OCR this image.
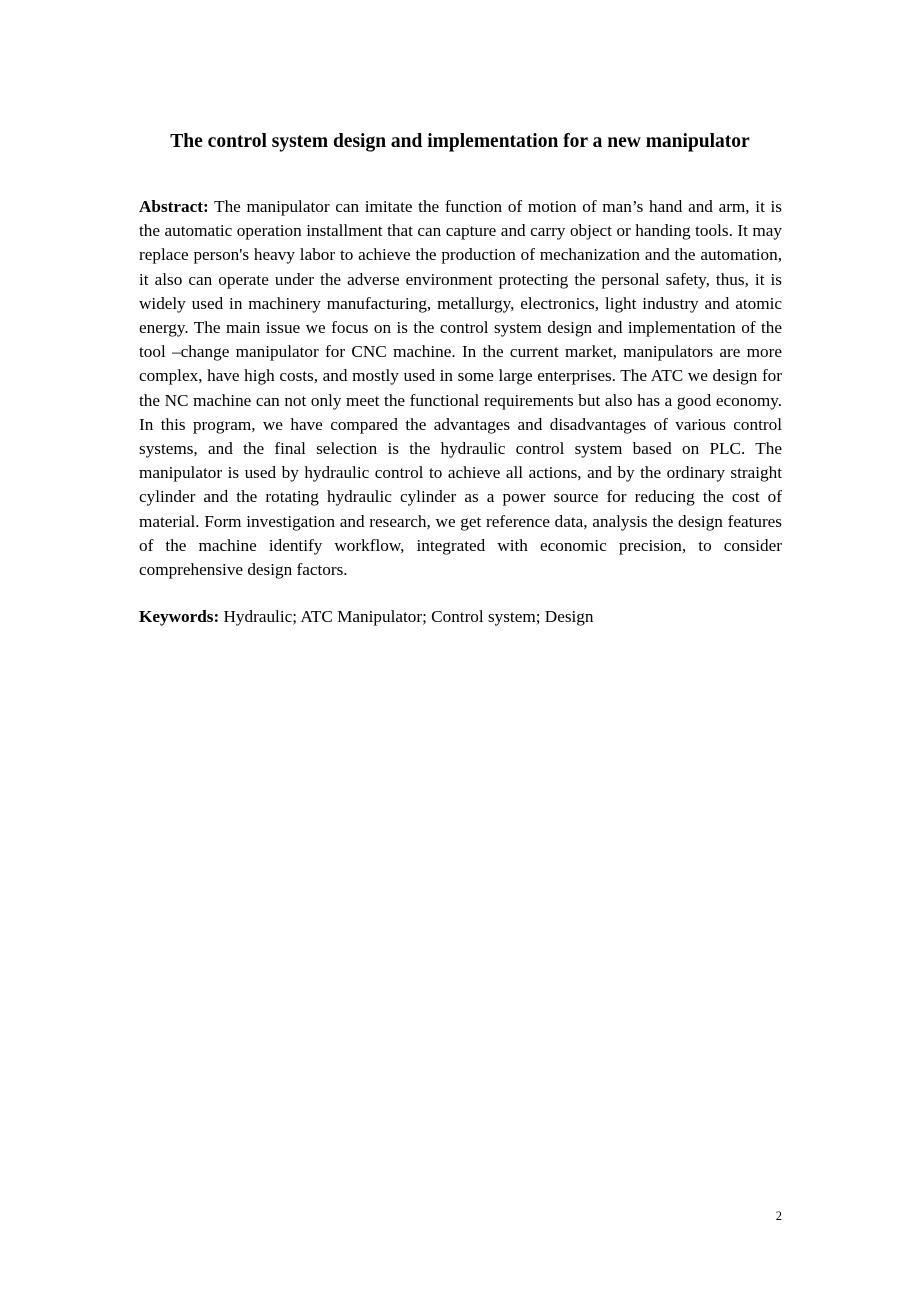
The control system design and implementation for a new manipulator

Abstract: The manipulator can imitate the function of motion of man’s hand and arm, it is the automatic operation installment that can capture and carry object or handing tools. It may replace person's heavy labor to achieve the production of mechanization and the automation, it also can operate under the adverse environment protecting the personal safety, thus, it is widely used in machinery manufacturing, metallurgy, electronics, light industry and atomic energy. The main issue we focus on is the control system design and implementation of the tool –change manipulator for CNC machine. In the current market, manipulators are more complex, have high costs, and mostly used in some large enterprises. The ATC we design for the NC machine can not only meet the functional requirements but also has a good economy. In this program, we have compared the advantages and disadvantages of various control systems, and the final selection is the hydraulic control system based on PLC. The manipulator is used by hydraulic control to achieve all actions, and by the ordinary straight cylinder and the rotating hydraulic cylinder as a power source for reducing the cost of material. Form investigation and research, we get reference data, analysis the design features of the machine identify workflow, integrated with economic precision, to consider comprehensive design factors.

Keywords: Hydraulic; ATC Manipulator; Control system; Design

2
